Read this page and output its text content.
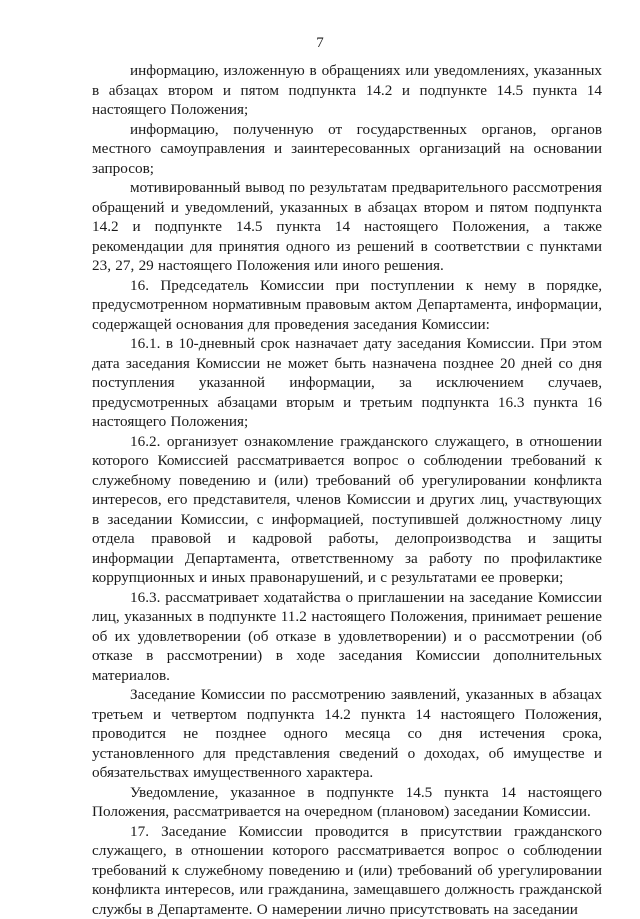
7

информацию, изложенную в обращениях или уведомлениях, указанных в абзацах втором и пятом подпункта 14.2 и подпункте 14.5 пункта 14 настоящего Положения;

информацию, полученную от государственных органов, органов местного самоуправления и заинтересованных организаций на основании запросов;

мотивированный вывод по результатам предварительного рассмотрения обращений и уведомлений, указанных в абзацах втором и пятом подпункта 14.2 и подпункте 14.5 пункта 14 настоящего Положения, а также рекомендации для принятия одного из решений в соответствии с пунктами 23, 27, 29 настоящего Положения или иного решения.

16. Председатель Комиссии при поступлении к нему в порядке, предусмотренном нормативным правовым актом Департамента, информации, содержащей основания для проведения заседания Комиссии:

16.1. в 10-дневный срок назначает дату заседания Комиссии. При этом дата заседания Комиссии не может быть назначена позднее 20 дней со дня поступления указанной информации, за исключением случаев, предусмотренных абзацами вторым и третьим подпункта 16.3 пункта 16 настоящего Положения;

16.2. организует ознакомление гражданского служащего, в отношении которого Комиссией рассматривается вопрос о соблюдении требований к служебному поведению и (или) требований об урегулировании конфликта интересов, его представителя, членов Комиссии и других лиц, участвующих в заседании Комиссии, с информацией, поступившей должностному лицу отдела правовой и кадровой работы, делопроизводства и защиты информации Департамента, ответственному за работу по профилактике коррупционных и иных правонарушений, и с результатами ее проверки;

16.3. рассматривает ходатайства о приглашении на заседание Комиссии лиц, указанных в подпункте 11.2 настоящего Положения, принимает решение об их удовлетворении (об отказе в удовлетворении) и о рассмотрении (об отказе в рассмотрении) в ходе заседания Комиссии дополнительных материалов.

Заседание Комиссии по рассмотрению заявлений, указанных в абзацах третьем и четвертом подпункта 14.2 пункта 14 настоящего Положения, проводится не позднее одного месяца со дня истечения срока, установленного для представления сведений о доходах, об имуществе и обязательствах имущественного характера.

Уведомление, указанное в подпункте 14.5 пункта 14 настоящего Положения, рассматривается на очередном (плановом) заседании Комиссии.

17. Заседание Комиссии проводится в присутствии гражданского служащего, в отношении которого рассматривается вопрос о соблюдении требований к служебному поведению и (или) требований об урегулировании конфликта интересов, или гражданина, замещавшего должность гражданской службы в Департаменте. О намерении лично присутствовать на заседании
